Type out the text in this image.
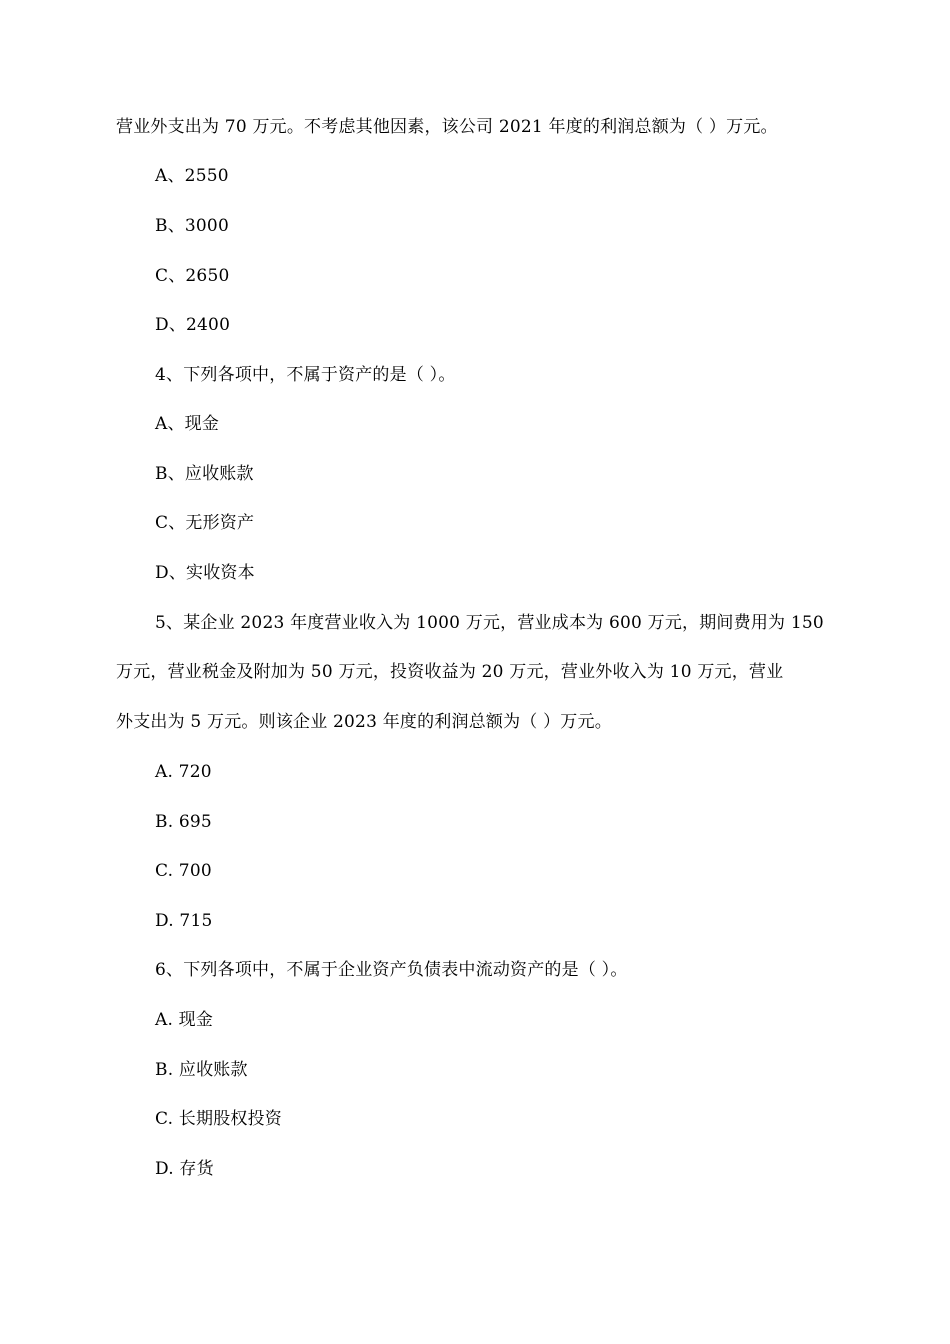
营业外支出为 70 万元。不考虑其他因素，该公司 2021 年度的利润总额为（ ）万元。
A、2550
B、3000
C、2650
D、2400
4、下列各项中，不属于资产的是（ ）。
A、现金
B、应收账款
C、无形资产
D、实收资本
5、某企业 2023 年度营业收入为 1000 万元，营业成本为 600 万元，期间费用为 150
万元，营业税金及附加为 50 万元，投资收益为 20 万元，营业外收入为 10 万元，营业
外支出为 5 万元。则该企业 2023 年度的利润总额为（ ）万元。
A. 720
B. 695
C. 700
D. 715
6、下列各项中，不属于企业资产负债表中流动资产的是（ ）。
A. 现金
B. 应收账款
C. 长期股权投资
D. 存货
